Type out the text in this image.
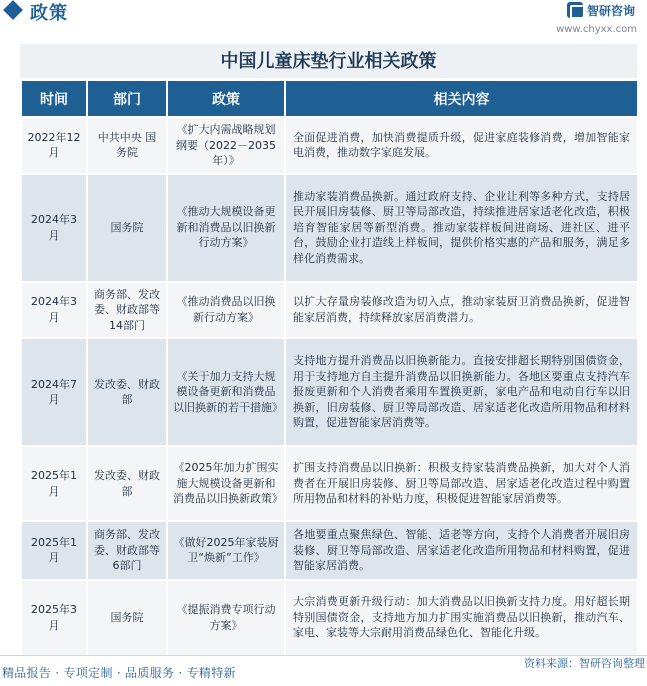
政策	智研咨询
www.chyxx.com
中国儿童床垫行业相关政策
时间	部门	政策	相关内容
2022年12月	中共中央 国务院	《扩大内需战略规划纲要（2022－2035年）》	全面促进消费，加快消费提质升级，促进家庭装修消费，增加智能家电消费，推动数字家庭发展。
2024年3月	国务院	《推动大规模设备更新和消费品以旧换新行动方案》	推动家装消费品换新。通过政府支持、企业让利等多种方式，支持居民开展旧房装修、厨卫等局部改造，持续推进居家适老化改造，积极培育智能家居等新型消费。推动家装样板间进商场、进社区、进平台，鼓励企业打造线上样板间，提供价格实惠的产品和服务，满足多样化消费需求。
2024年3月	商务部、发改委、财政部等14部门	《推动消费品以旧换新行动方案》	以扩大存量房装修改造为切入点，推动家装厨卫消费品换新，促进智能家居消费，持续释放家居消费潜力。
2024年7月	发改委、财政部	《关于加力支持大规模设备更新和消费品以旧换新的若干措施》	支持地方提升消费品以旧换新能力。直接安排超长期特别国债资金，用于支持地方自主提升消费品以旧换新能力。各地区要重点支持汽车报废更新和个人消费者乘用车置换更新，家电产品和电动自行车以旧换新，旧房装修、厨卫等局部改造、居家适老化改造所用物品和材料购置，促进智能家居消费等。
2025年1月	发改委、财政部	《2025年加力扩围实施大规模设备更新和消费品以旧换新政策》	扩围支持消费品以旧换新：积极支持家装消费品换新，加大对个人消费者在开展旧房装修、厨卫等局部改造、居家适老化改造过程中购置所用物品和材料的补贴力度，积极促进智能家居消费等。
2025年1月	商务部、发改委、财政部等6部门	《做好2025年家装厨卫“焕新”工作》	各地要重点聚焦绿色、智能、适老等方向，支持个人消费者开展旧房装修、厨卫等局部改造、居家适老化改造所用物品和材料购置，促进智能家居消费。
2025年3月	国务院	《提振消费专项行动方案》	大宗消费更新升级行动：加大消费品以旧换新支持力度。用好超长期特别国债资金，支持地方加力扩围实施消费品以旧换新，推动汽车、家电、家装等大宗耐用消费品绿色化、智能化升级。
资料来源：智研咨询整理
精品报告 · 专项定制 · 品质服务 · 专精特新
